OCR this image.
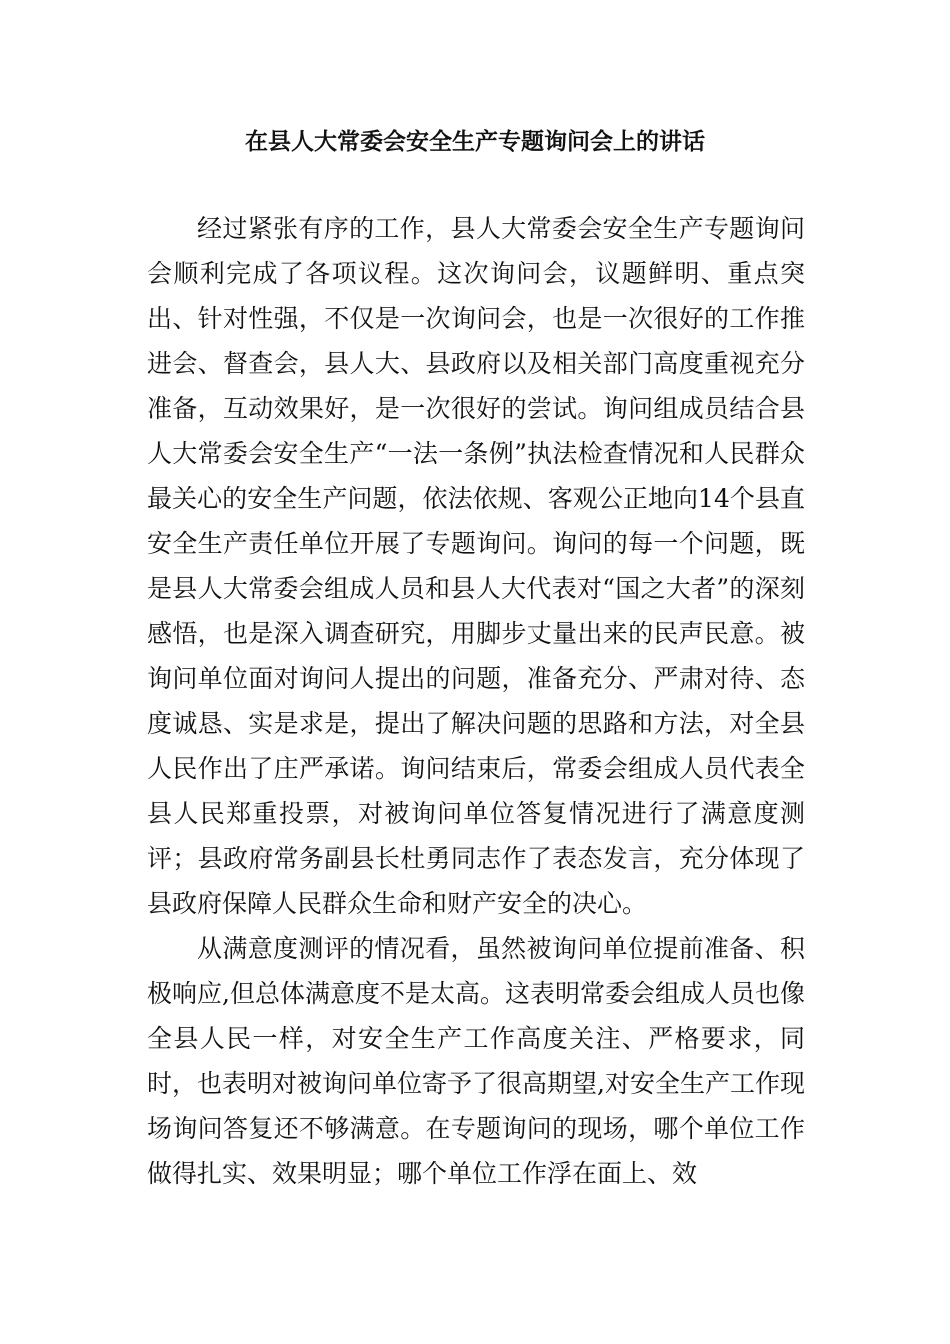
在县人大常委会安全生产专题询问会上的讲话

经过紧张有序的工作，县人大常委会安全生产专题询问会顺利完成了各项议程。这次询问会，议题鲜明、重点突出、针对性强，不仅是一次询问会，也是一次很好的工作推进会、督查会，县人大、县政府以及相关部门高度重视充分准备，互动效果好，是一次很好的尝试。询问组成员结合县人大常委会安全生产“一法一条例”执法检查情况和人民群众最关心的安全生产问题，依法依规、客观公正地向14个县直安全生产责任单位开展了专题询问。询问的每一个问题，既是县人大常委会组成人员和县人大代表对“国之大者”的深刻感悟，也是深入调查研究，用脚步丈量出来的民声民意。被询问单位面对询问人提出的问题，准备充分、严肃对待、态度诚恳、实是求是，提出了解决问题的思路和方法，对全县人民作出了庄严承诺。询问结束后，常委会组成人员代表全县人民郑重投票，对被询问单位答复情况进行了满意度测评；县政府常务副县长杜勇同志作了表态发言，充分体现了县政府保障人民群众生命和财产安全的决心。

从满意度测评的情况看，虽然被询问单位提前准备、积极响应,但总体满意度不是太高。这表明常委会组成人员也像全县人民一样，对安全生产工作高度关注、严格要求，同时，也表明对被询问单位寄予了很高期望,对安全生产工作现场询问答复还不够满意。在专题询问的现场，哪个单位工作做得扎实、效果明显；哪个单位工作浮在面上、效
